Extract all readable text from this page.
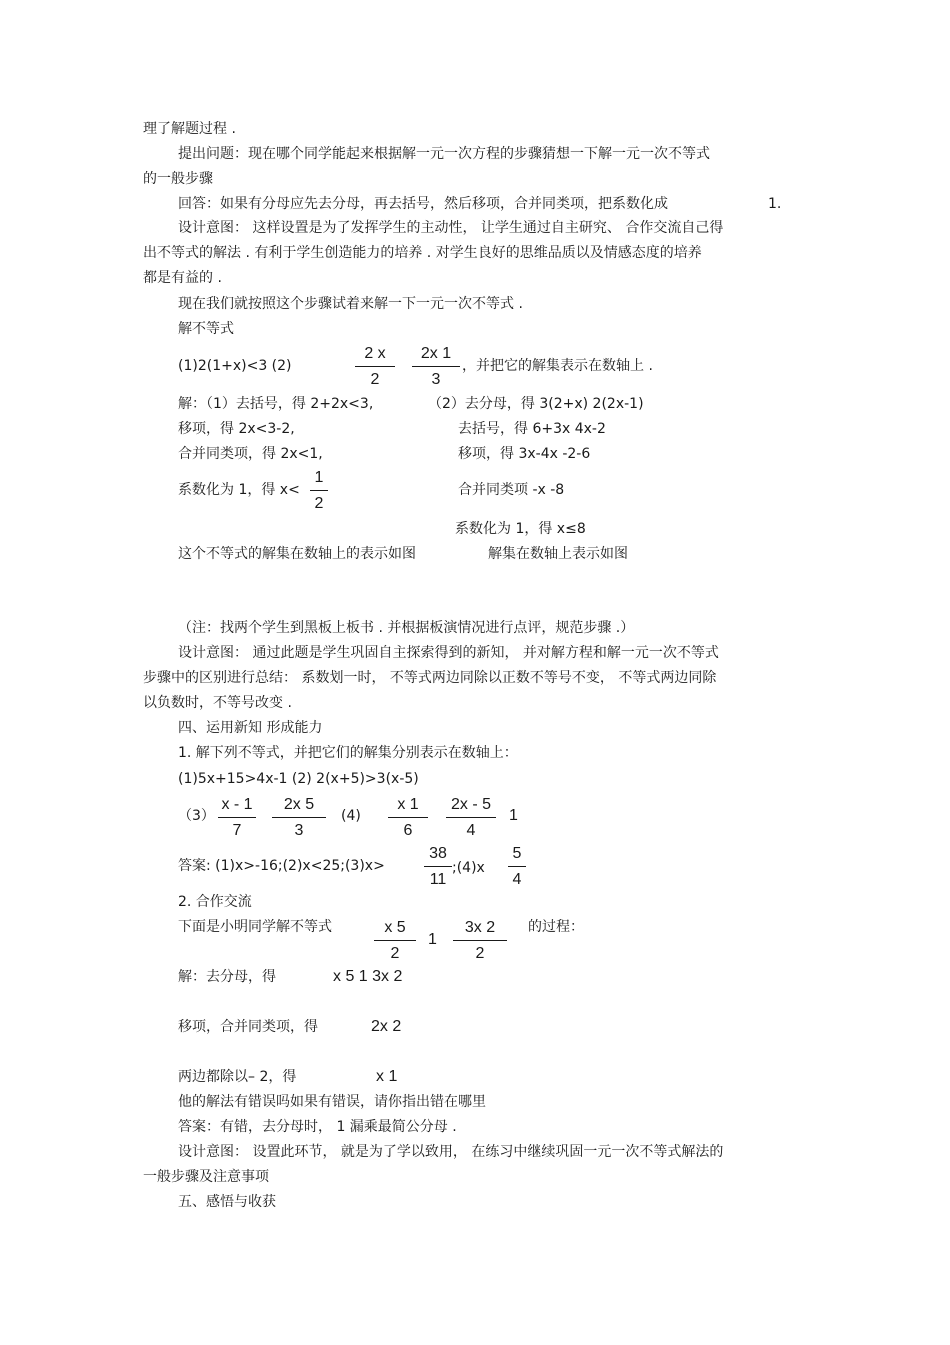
理了解题过程 .
提出问题：现在哪个同学能起来根据解一元一次方程的步骤猜想一下解一元一次不等式
的一般步骤
回答：如果有分母应先去分母，再去括号，然后移项，合并同类项，把系数化成	1.
设计意图： 这样设置是为了发挥学生的主动性， 让学生通过自主研究、 合作交流自己得
出不等式的解法 . 有利于学生创造能力的培养 . 对学生良好的思维品质以及情感态度的培养
都是有益的 .
现在我们就按照这个步骤试着来解一下一元一次不等式 .
解不等式
(1)2(1+x)<3 (2)
2 x
2
2x 1
3
，并把它的解集表示在数轴上 .
解：（1）去括号，得 2+2x<3,	（2）去分母，得 3(2+x) 2(2x-1)
移项，得 2x<3-2,	去括号，得 6+3x 4x-2
合并同类项，得 2x<1,	移项，得 3x-4x -2-6
系数化为 1，得 x<
1
2
合并同类项 -x -8
系数化为 1，得 x≤8
这个不等式的解集在数轴上的表示如图	解集在数轴上表示如图
（注：找两个学生到黑板上板书 . 并根据板演情况进行点评，规范步骤 .）
设计意图： 通过此题是学生巩固自主探索得到的新知， 并对解方程和解一元一次不等式
步骤中的区别进行总结： 系数划一时， 不等式两边同除以正数不等号不变， 不等式两边同除
以负数时，不等号改变 .
四、运用新知 形成能力
1. 解下列不等式，并把它们的解集分别表示在数轴上：
(1)5x+15>4x-1 (2) 2(x+5)>3(x-5)
（3）
x - 1
7
2x 5
3
(4)
x 1
6
2x - 5
4
1
答案: (1)x>-16;(2)x<25;(3)x>
38
11
;(4)x
5
4
2. 合作交流
下面是小明同学解不等式	x 5
2
1
3x 2
2
的过程：
解：去分母，得	x 5 1 3x 2
移项，合并同类项，得	2x 2
两边都除以– 2，得	x 1
他的解法有错误吗如果有错误，请你指出错在哪里
答案：有错，去分母时， 1 漏乘最简公分母 .
设计意图： 设置此环节， 就是为了学以致用， 在练习中继续巩固一元一次不等式解法的
一般步骤及注意事项
五、感悟与收获
